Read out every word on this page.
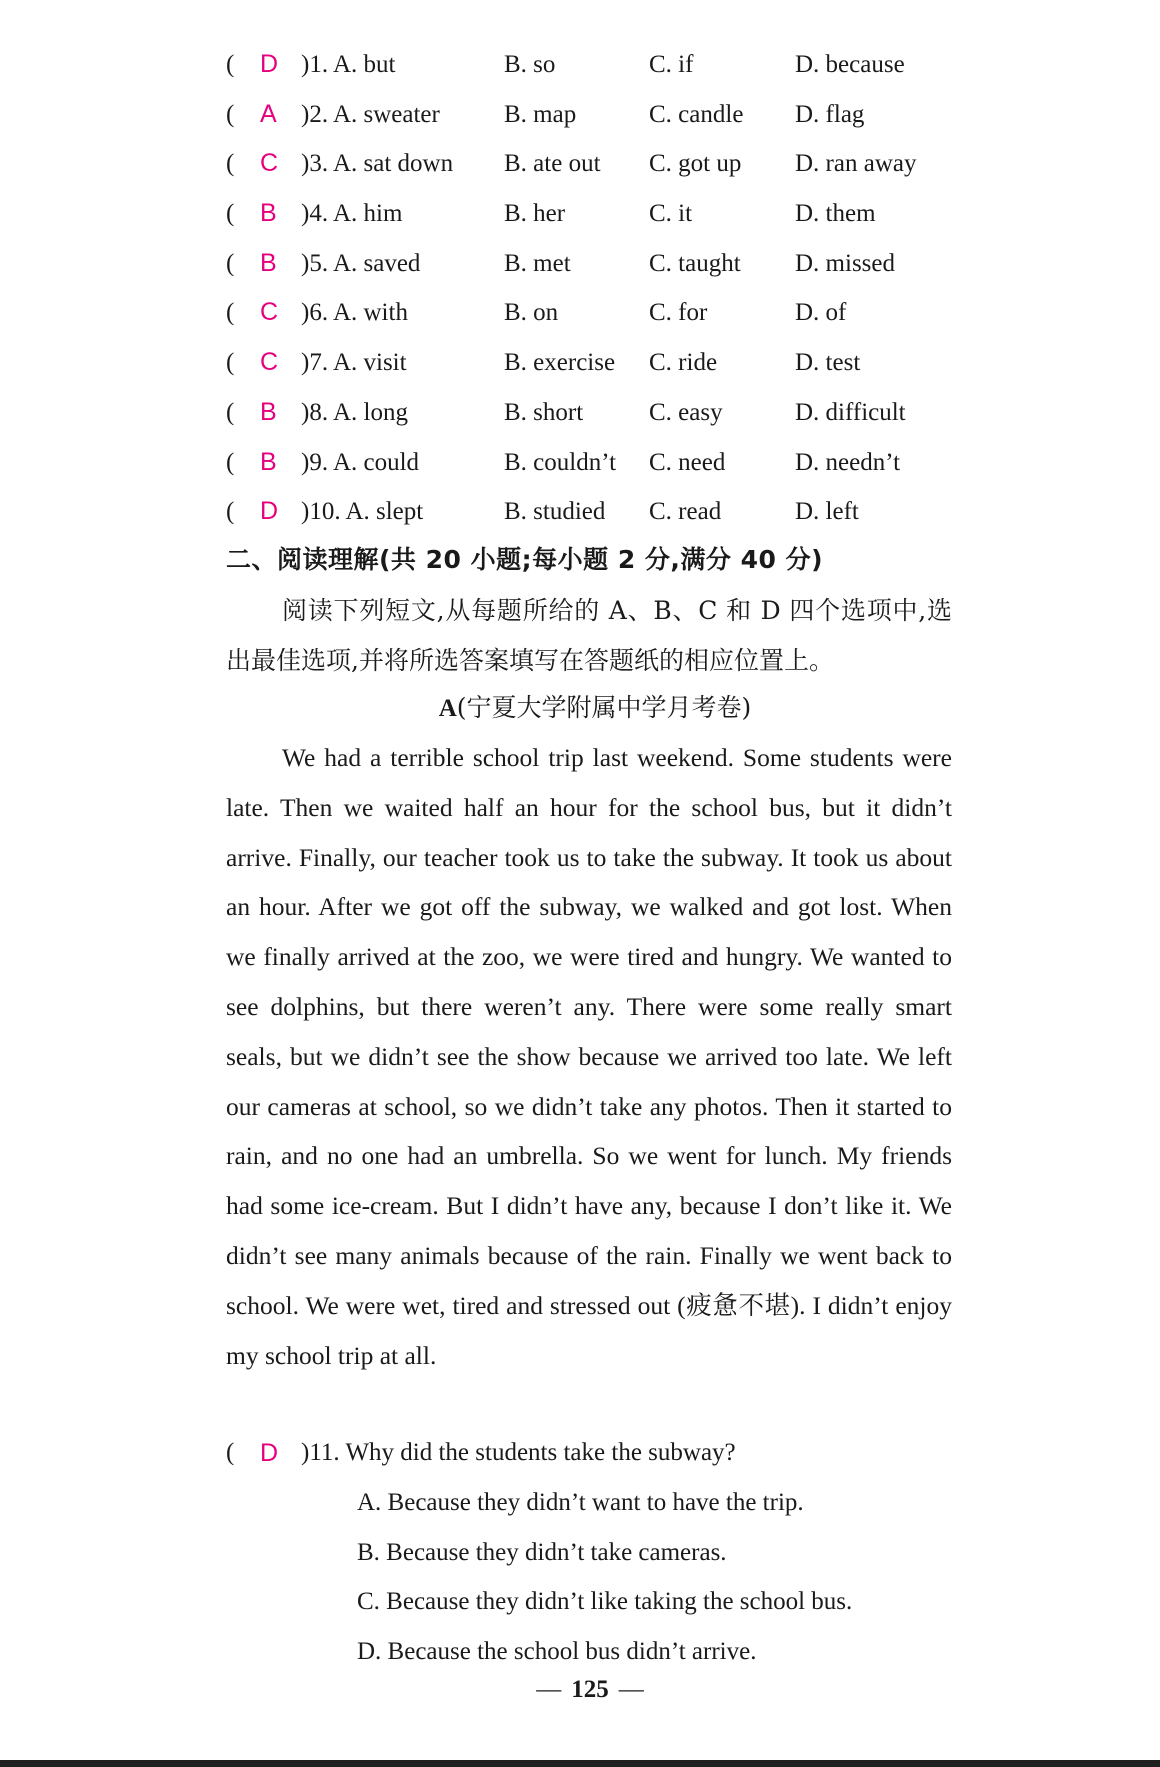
( D )1. A. but	B. so	C. if	D. because
( A )2. A. sweater	B. map	C. candle D. flag
( C )3. A. sat down B. ate out C. got up D. ran away
( B )4. A. him	B. her	C. it	D. them
( B )5. A. saved	B. met	C. taught D. missed
( C )6. A. with	B. on	C. for	D. of
( C )7. A. visit	B. exercise C. ride	D. test
( B )8. A. long	B. short	C. easy	D. difficult
( B )9. A. could	B. couldn’t C. need	D. needn’t
( D )10. A. slept	B. studied C. read	D. left
二、阅读理解(共 20 小题;每小题 2 分,满分 40 分)
阅读下列短文,从每题所给的 A、B、C 和 D 四个选项中,选出最佳选项,并将所选答案填写在答题纸的相应位置上。
A(宁夏大学附属中学月考卷)
We had a terrible school trip last weekend. Some students were late. Then we waited half an hour for the school bus, but it didn’t arrive. Finally, our teacher took us to take the subway. It took us about an hour. After we got off the subway, we walked and got lost. When we finally arrived at the zoo, we were tired and hungry. We wanted to see dolphins, but there weren’t any. There were some really smart seals, but we didn’t see the show because we arrived too late. We left our cameras at school, so we didn’t take any photos. Then it started to rain, and no one had an umbrella. So we went for lunch. My friends had some ice-cream. But I didn’t have any, because I don’t like it. We didn’t see many animals because of the rain. Finally we went back to school. We were wet, tired and stressed out (疲惫不堪). I didn’t enjoy my school trip at all.
( D )11. Why did the students take the subway?
A. Because they didn’t want to have the trip.
B. Because they didn’t take cameras.
C. Because they didn’t like taking the school bus.
D. Because the school bus didn’t arrive.
— 125 —
